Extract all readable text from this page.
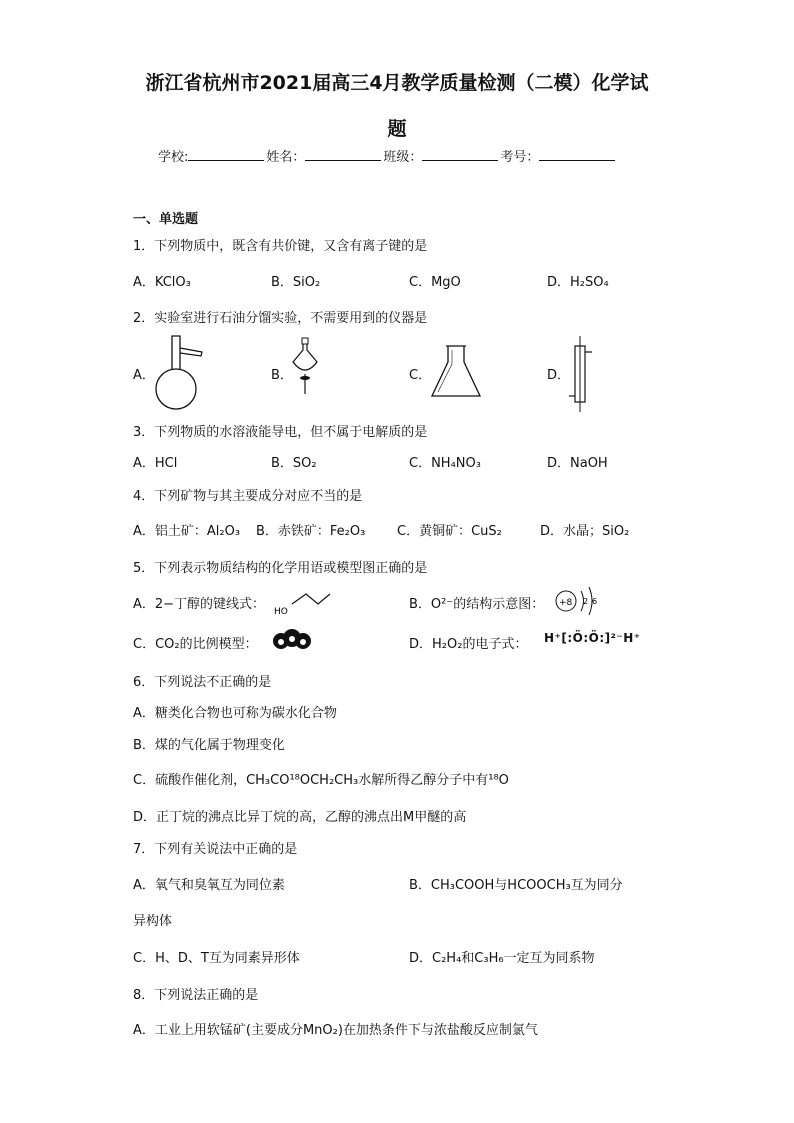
浙江省杭州市2021届高三4月教学质量检测（二模）化学试
题
学校:	姓名：	班级：	考号：
一、单选题
1．下列物质中，既含有共价键，又含有离子键的是
A．KClO₃	B．SiO₂	C．MgO	D．H₂SO₄
2．实验室进行石油分馏实验，不需要用到的仪器是
A．	B．	C．	D．
3．下列物质的水溶液能导电，但不属于电解质的是
A．HCl	B．SO₂	C．NH₄NO₃	D．NaOH
4．下列矿物与其主要成分对应不当的是
A．铝土矿：Al₂O₃ B．赤铁矿：Fe₂O₃ C．黄铜矿：CuS₂	D．水晶；SiO₂
5．下列表示物质结构的化学用语或模型图正确的是
A．2−丁醇的键线式： HO	B．O²⁻的结构示意图： +8 2 6
C．CO₂的比例模型：	D．H₂O₂的电子式： H⁺[:Ö:Ö:]²⁻H⁺
6．下列说法不正确的是
A．糖类化合物也可称为碳水化合物
B．煤的气化属于物理变化
C．硫酸作催化剂，CH₃CO¹⁸OCH₂CH₃水解所得乙醇分子中有¹⁸O
D．正丁烷的沸点比异丁烷的高，乙醇的沸点出M甲醚的高
7．下列有关说法中正确的是
A．氧气和臭氧互为同位素	B．CH₃COOH与HCOOCH₃互为同分
异构体
C．H、D、T互为同素异形体	D．C₂H₄和C₃H₆一定互为同系物
8．下列说法正确的是
A．工业上用软锰矿(主要成分MnO₂)在加热条件下与浓盐酸反应制氯气
